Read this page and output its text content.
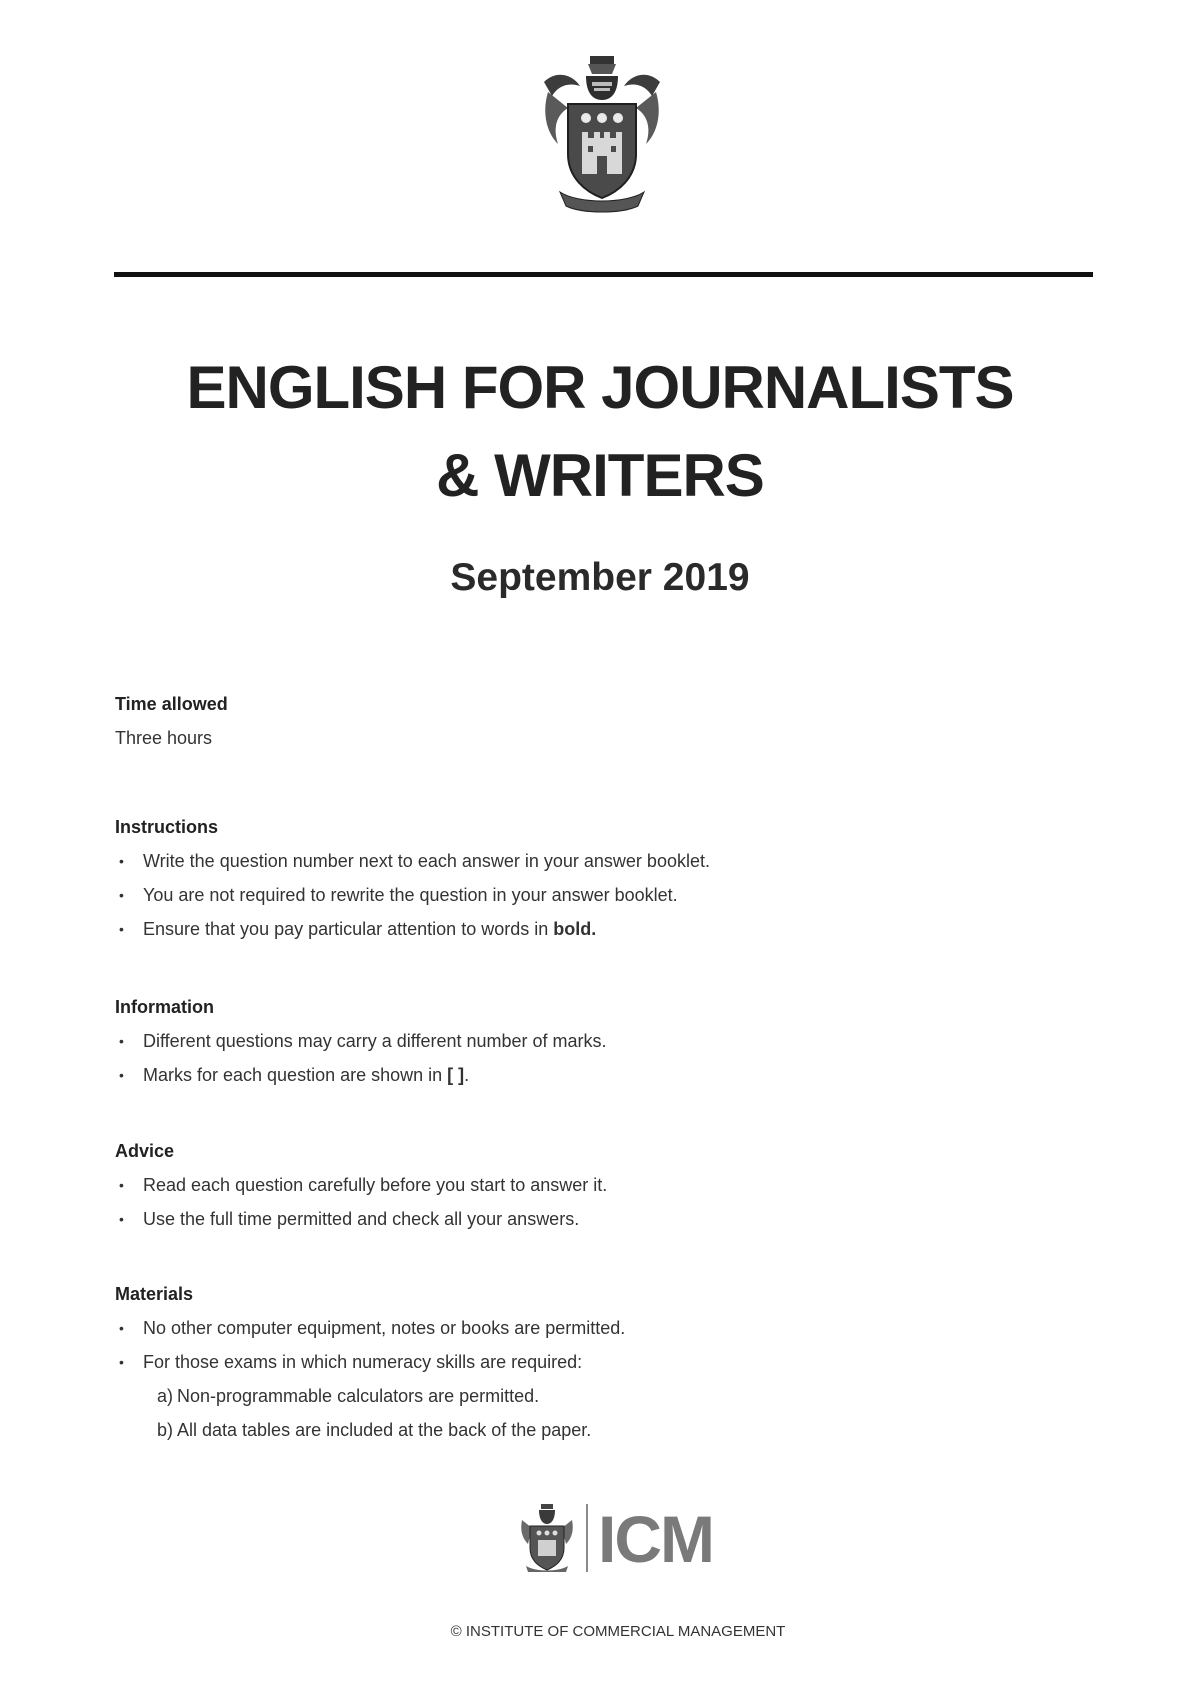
ENGLISH FOR JOURNALISTS
& WRITERS
September 2019
Time allowed

Three hours

Instructions
• Write the question number next to each answer in your answer booklet.
• You are not required to rewrite the question in your answer booklet.
• Ensure that you pay particular attention to words in bold.
Information
• Different questions may carry a different number of marks.
• Marks for each question are shown in [ ].
Advice
• Read each question carefully before you start to answer it.
• Use the full time permitted and check all your answers.
Materials
• No other computer equipment, notes or books are permitted.
• For those exams in which numeracy skills are required:
a) Non-programmable calculators are permitted.
b) All data tables are included at the back of the paper.
ICM
© INSTITUTE OF COMMERCIAL MANAGEMENT
